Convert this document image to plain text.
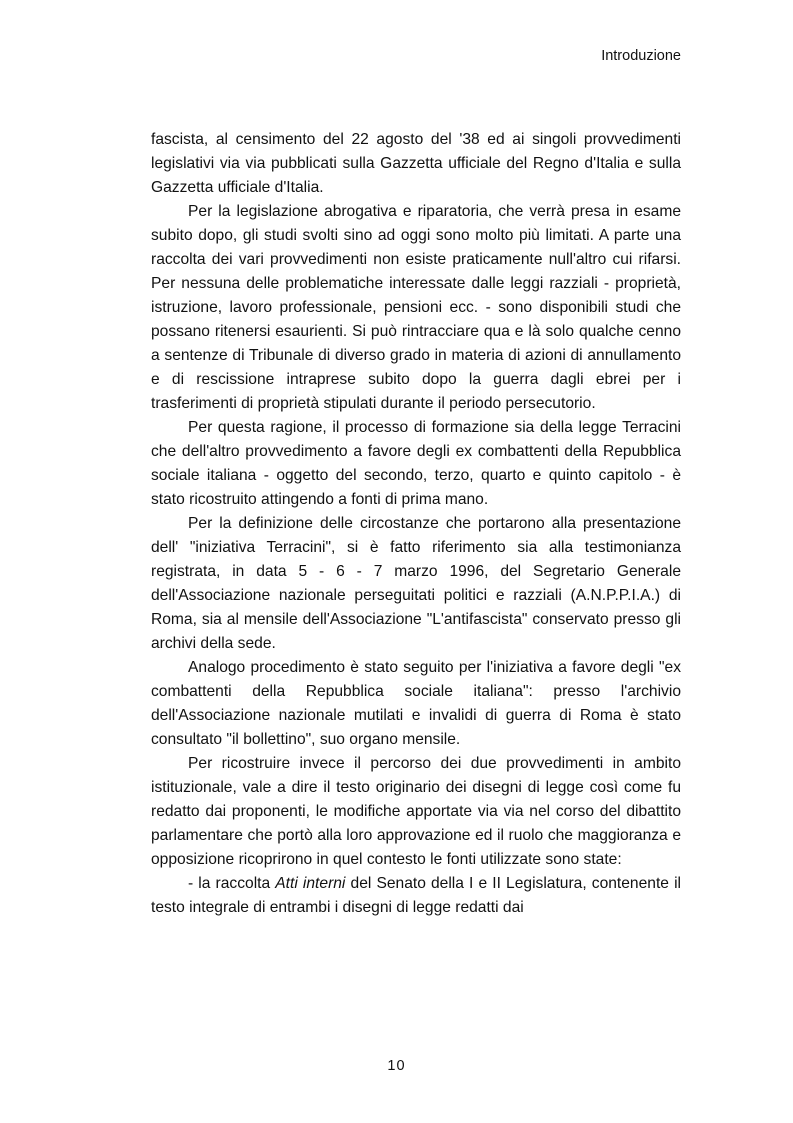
Introduzione

fascista, al censimento del 22 agosto del '38 ed ai singoli provvedimenti legislativi via via pubblicati sulla Gazzetta ufficiale del Regno d'Italia e sulla Gazzetta ufficiale d'Italia.

Per la legislazione abrogativa e riparatoria, che verrà presa in esame subito dopo, gli studi svolti sino ad oggi sono molto più limitati. A parte una raccolta dei vari provvedimenti non esiste praticamente null'altro cui rifarsi. Per nessuna delle problematiche interessate dalle leggi razziali - proprietà, istruzione, lavoro professionale, pensioni ecc. - sono disponibili studi che possano ritenersi esaurienti. Si può rintracciare qua e là solo qualche cenno a sentenze di Tribunale di diverso grado in materia di azioni di annullamento e di rescissione intraprese subito dopo la guerra dagli ebrei per i trasferimenti di proprietà stipulati durante il periodo persecutorio.

Per questa ragione, il processo di formazione sia della legge Terracini che dell'altro provvedimento a favore degli ex combattenti della Repubblica sociale italiana - oggetto del secondo, terzo, quarto e quinto capitolo - è stato ricostruito attingendo a fonti di prima mano.

Per la definizione delle circostanze che portarono alla presentazione dell' "iniziativa Terracini", si è fatto riferimento sia alla testimonianza registrata, in data 5 - 6 - 7 marzo 1996, del Segretario Generale dell'Associazione nazionale perseguitati politici e razziali (A.N.P.P.I.A.) di Roma, sia al mensile dell'Associazione "L'antifascista" conservato presso gli archivi della sede.

Analogo procedimento è stato seguito per l'iniziativa a favore degli "ex combattenti della Repubblica sociale italiana": presso l'archivio dell'Associazione nazionale mutilati e invalidi di guerra di Roma è stato consultato "il bollettino", suo organo mensile.

Per ricostruire invece il percorso dei due provvedimenti in ambito istituzionale, vale a dire il testo originario dei disegni di legge così come fu redatto dai proponenti, le modifiche apportate via via nel corso del dibattito parlamentare che portò alla loro approvazione ed il ruolo che maggioranza e opposizione ricoprirono in quel contesto le fonti utilizzate sono state:

- la raccolta Atti interni del Senato della I e II Legislatura, contenente il testo integrale di entrambi i disegni di legge redatti dai

10
